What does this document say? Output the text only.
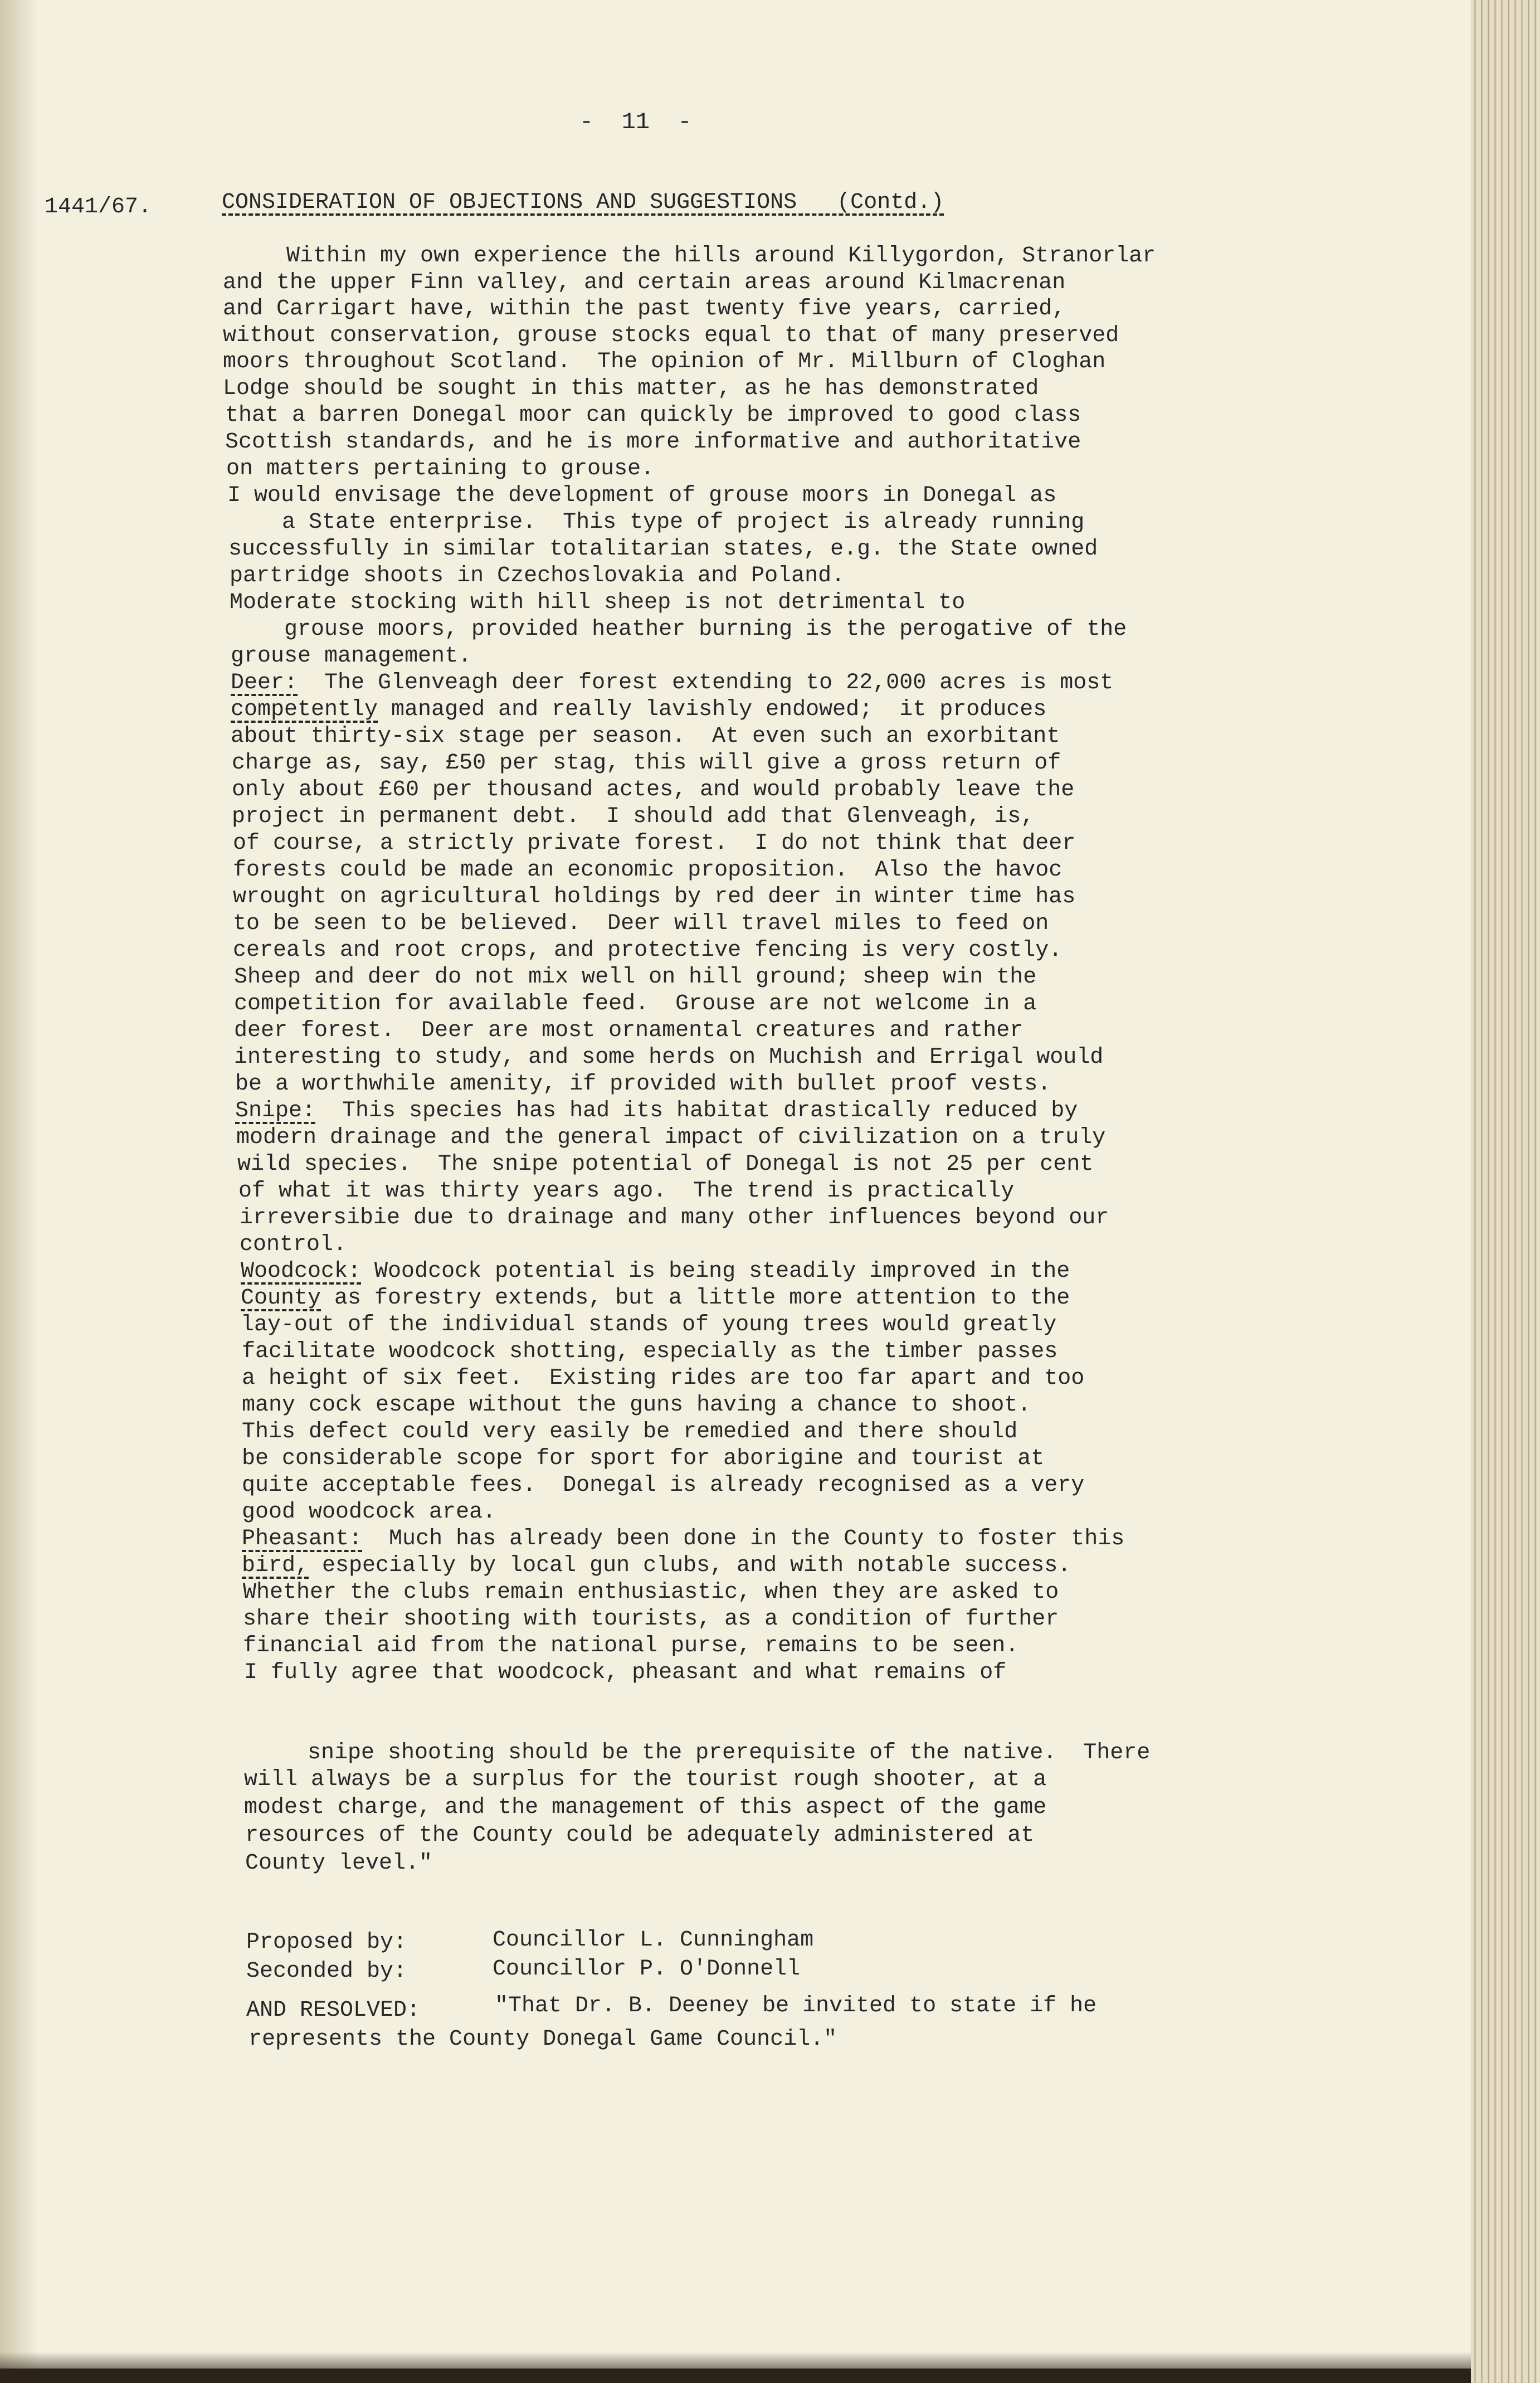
-  11  -
1441/67.	CONSIDERATION OF OBJECTIONS AND SUGGESTIONS   (Contd.)
Within my own experience the hills around Killygordon, Stranorlar
and the upper Finn valley, and certain areas around Kilmacrenan
and Carrigart have, within the past twenty five years, carried,
without conservation, grouse stocks equal to that of many preserved
moors throughout Scotland.  The opinion of Mr. Millburn of Cloghan
Lodge should be sought in this matter, as he has demonstrated
that a barren Donegal moor can quickly be improved to good class
Scottish standards, and he is more informative and authoritative
on matters pertaining to grouse.
I would envisage the development of grouse moors in Donegal as
a State enterprise.  This type of project is already running
successfully in similar totalitarian states, e.g. the State owned
partridge shoots in Czechoslovakia and Poland.
Moderate stocking with hill sheep is not detrimental to
grouse moors, provided heather burning is the perogative of the
grouse management.
Deer:  The Glenveagh deer forest extending to 22,000 acres is most
competently managed and really lavishly endowed;  it produces
about thirty-six stage per season.  At even such an exorbitant
charge as, say, £50 per stag, this will give a gross return of
only about £60 per thousand actes, and would probably leave the
project in permanent debt.  I should add that Glenveagh, is,
of course, a strictly private forest.  I do not think that deer
forests could be made an economic proposition.  Also the havoc
wrought on agricultural holdings by red deer in winter time has
to be seen to be believed.  Deer will travel miles to feed on
cereals and root crops, and protective fencing is very costly.
Sheep and deer do not mix well on hill ground; sheep win the
competition for available feed.  Grouse are not welcome in a
deer forest.  Deer are most ornamental creatures and rather
interesting to study, and some herds on Muchish and Errigal would
be a worthwhile amenity, if provided with bullet proof vests.
Snipe:  This species has had its habitat drastically reduced by
modern drainage and the general impact of civilization on a truly
wild species.  The snipe potential of Donegal is not 25 per cent
of what it was thirty years ago.  The trend is practically
irreversibie due to drainage and many other influences beyond our
control.
Woodcock: Woodcock potential is being steadily improved in the
County as forestry extends, but a little more attention to the
lay-out of the individual stands of young trees would greatly
facilitate woodcock shotting, especially as the timber passes
a height of six feet.  Existing rides are too far apart and too
many cock escape without the guns having a chance to shoot.
This defect could very easily be remedied and there should
be considerable scope for sport for aborigine and tourist at
quite acceptable fees.  Donegal is already recognised as a very
good woodcock area.
Pheasant:  Much has already been done in the County to foster this
bird, especially by local gun clubs, and with notable success.
Whether the clubs remain enthusiastic, when they are asked to
share their shooting with tourists, as a condition of further
financial aid from the national purse, remains to be seen.
I fully agree that woodcock, pheasant and what remains of
snipe shooting should be the prerequisite of the native.  There
will always be a surplus for the tourist rough shooter, at a
modest charge, and the management of this aspect of the game
resources of the County could be adequately administered at
County level."
Proposed by:	Councillor L. Cunningham
Seconded by:	Councillor P. O'Donnell
AND RESOLVED:	"That Dr. B. Deeney be invited to state if he
represents the County Donegal Game Council."
